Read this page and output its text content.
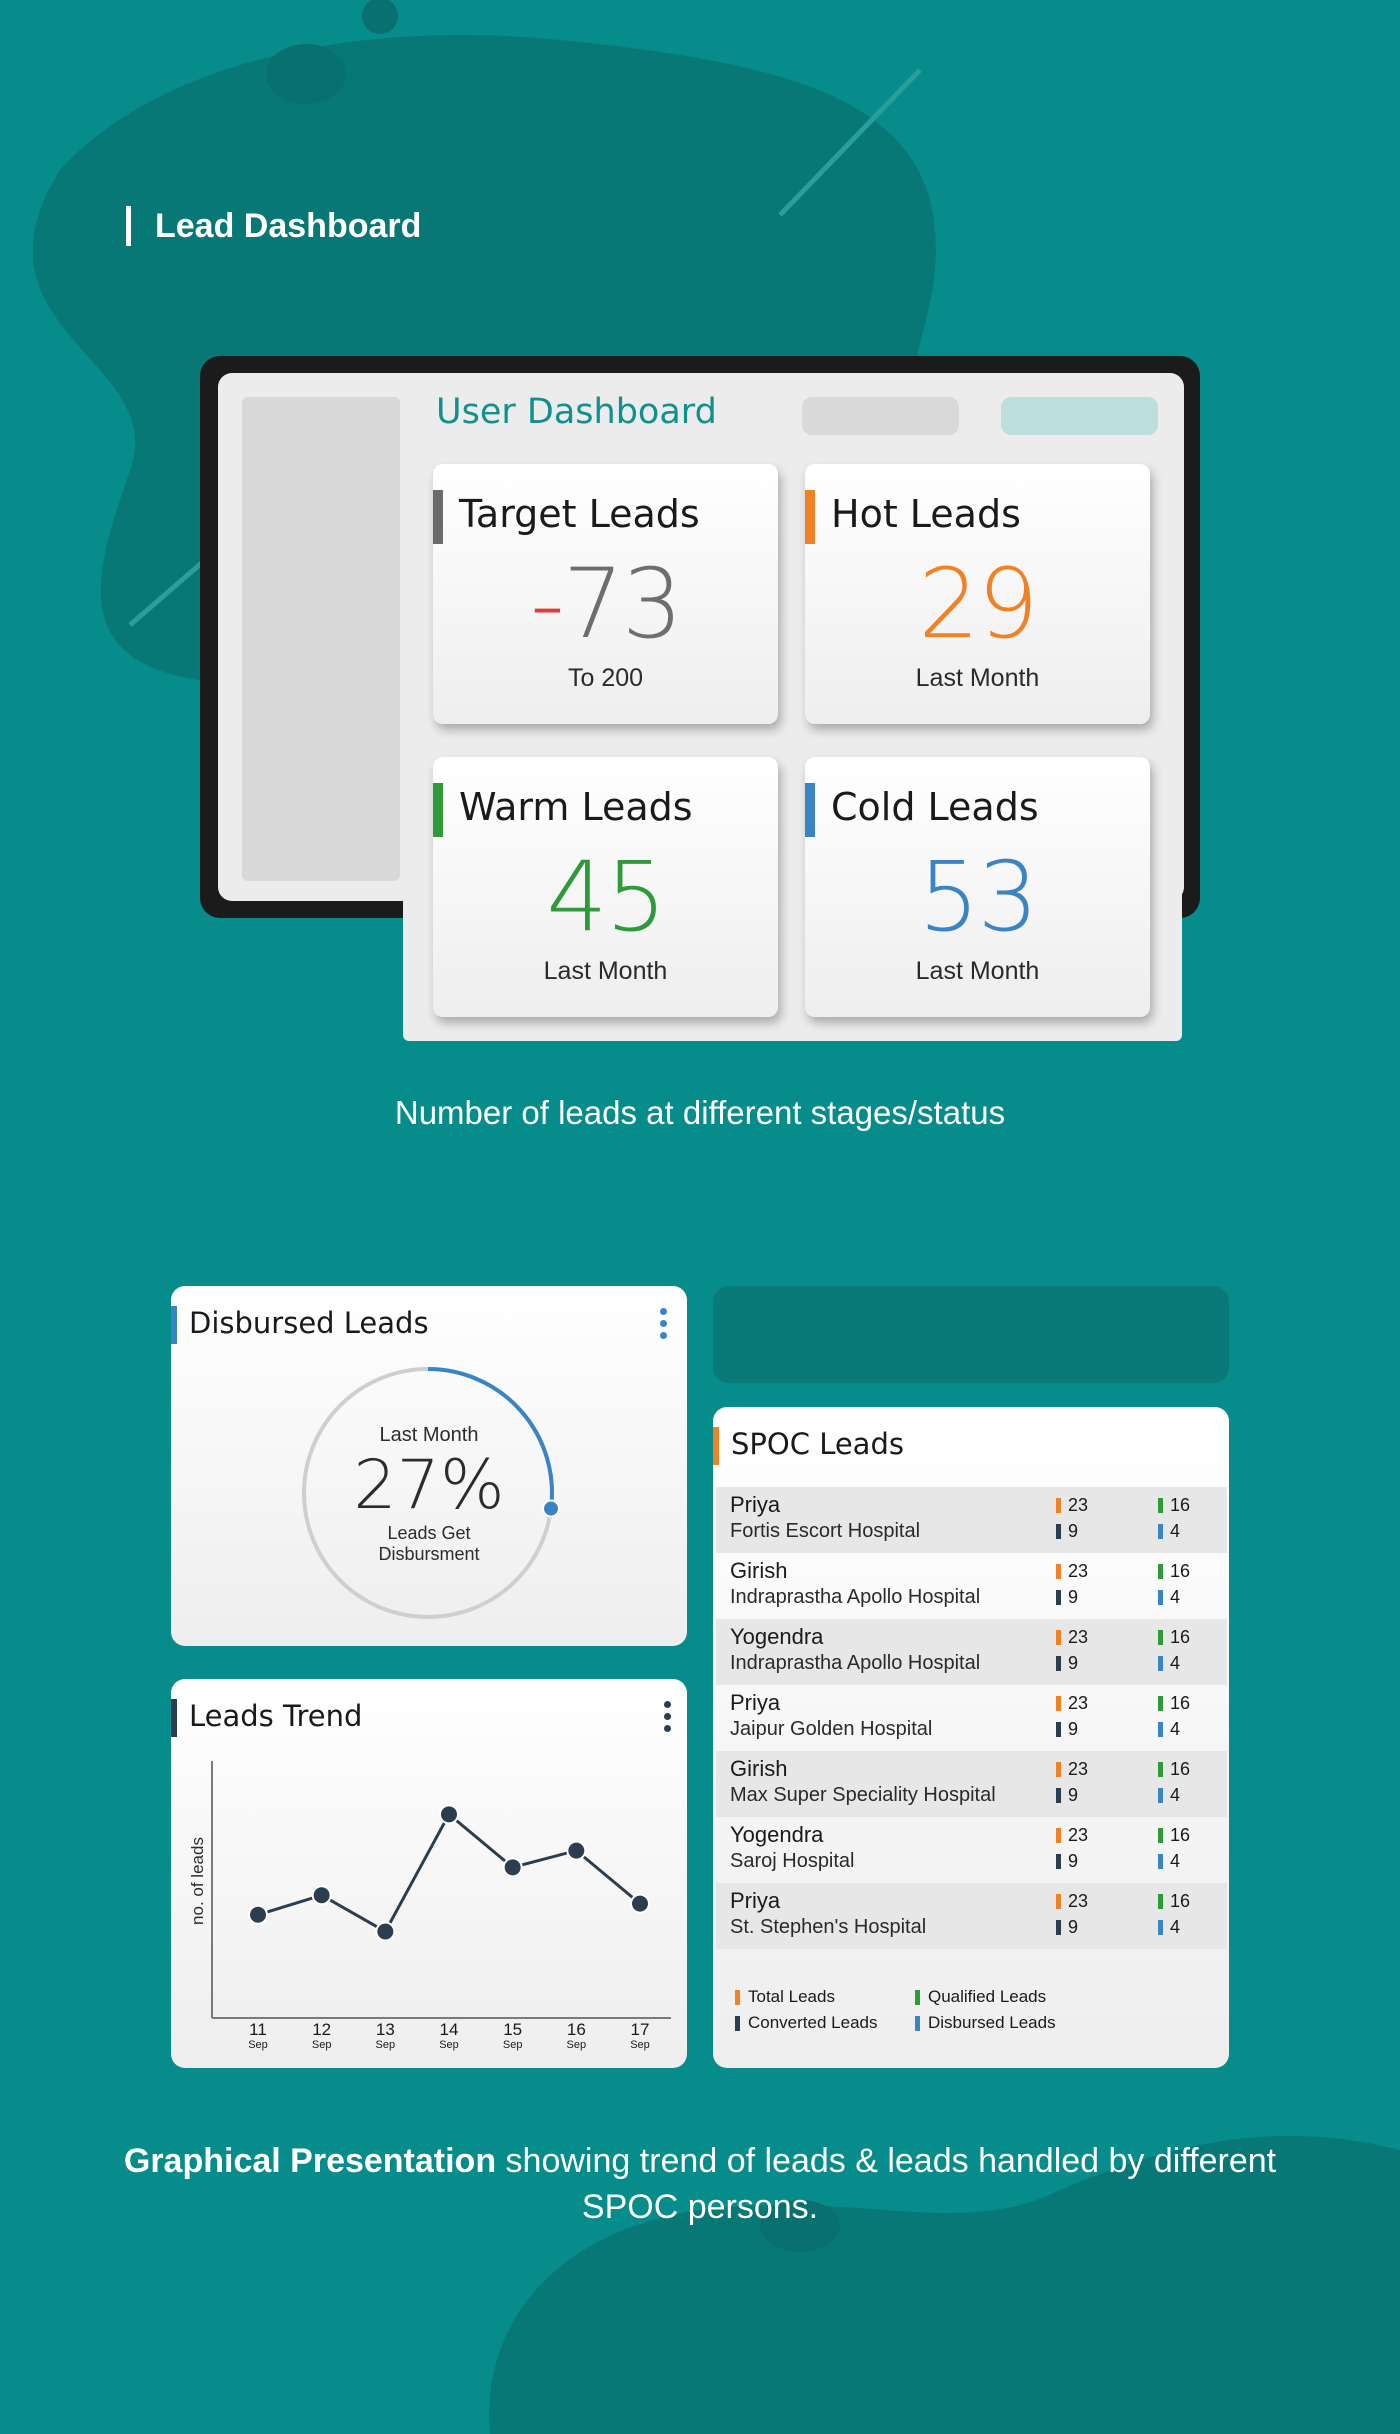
Lead Dashboard
User Dashboard
Target Leads
-73
To 200
Hot Leads
29
Last Month
Warm Leads
45
Last Month
Cold Leads
53
Last Month
Number of leads at different stages/status
Disbursed Leads
Last Month
27%
Leads Get
Disbursment
Leads Trend
no. of leads
11
Sep
12
Sep
13
Sep
14
Sep
15
Sep
16
Sep
17
Sep
SPOC Leads
Priya
Fortis Escort Hospital
23	16
9	4
Girish
Indraprastha Apollo Hospital
23	16
9	4
Yogendra
Indraprastha Apollo Hospital
23	16
9	4
Priya
Jaipur Golden Hospital
23	16
9	4
Girish
Max Super Speciality Hospital
23	16
9	4
Yogendra
Saroj Hospital
23	16
9	4
Priya
St. Stephen's Hospital
23	16
9	4
Total Leads	Qualified Leads
Converted Leads	Disbursed Leads
Graphical Presentation showing trend of leads & leads handled by different SPOC persons.
